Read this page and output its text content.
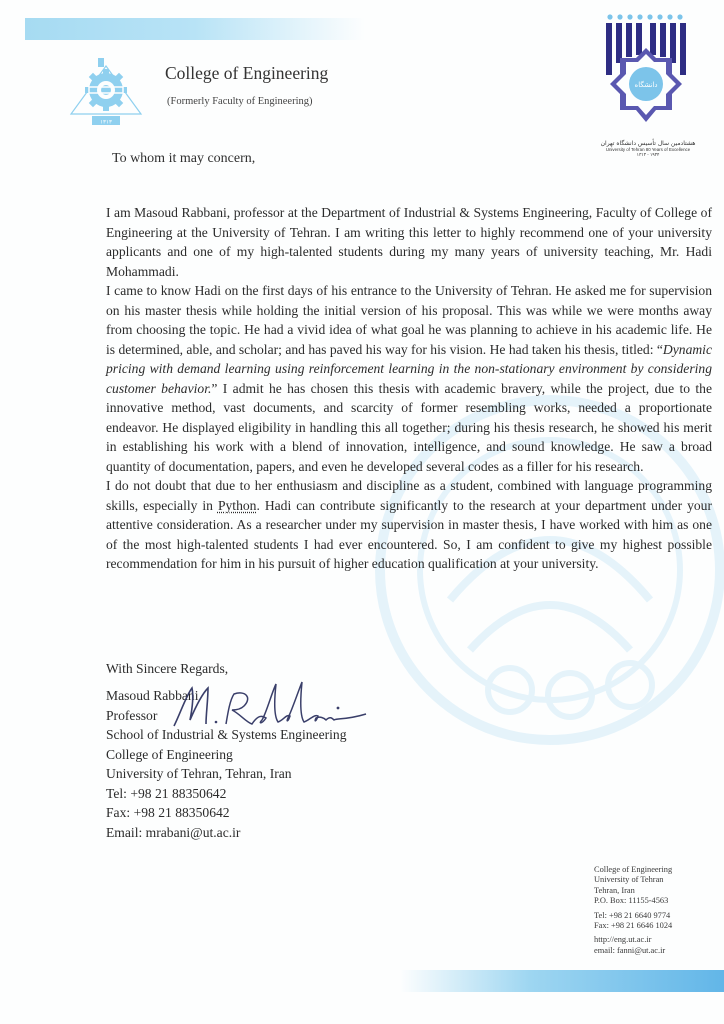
۱۳۱۳
College of Engineering
(Formerly Faculty of Engineering)
دانشگاه
هشتادمین سال تأسیس دانشگاه تهران
University of Tehran 80 Years of Excellence
۱۳۱۳ - ۱۹۳۴
To whom it may concern,

I am Masoud Rabbani, professor at the Department of Industrial & Systems Engineering, Faculty of College of Engineering at the University of Tehran. I am writing this letter to highly recommend one of your university applicants and one of my high-talented students during my many years of university teaching, Mr. Hadi Mohammadi.

I came to know Hadi on the first days of his entrance to the University of Tehran. He asked me for supervision on his master thesis while holding the initial version of his proposal. This was while we were months away from choosing the topic. He had a vivid idea of what goal he was planning to achieve in his academic life. He is determined, able, and scholar; and has paved his way for his vision. He had taken his thesis, titled: “Dynamic pricing with demand learning using reinforcement learning in the non-stationary environment by considering customer behavior.” I admit he has chosen this thesis with academic bravery, while the project, due to the innovative method, vast documents, and scarcity of former resembling works, needed a proportionate endeavor. He displayed eligibility in handling this all together; during his thesis research, he showed his merit in establishing his work with a blend of innovation, intelligence, and sound knowledge. He saw a broad quantity of documentation, papers, and even he developed several codes as a filler for his research.

I do not doubt that due to her enthusiasm and discipline as a student, combined with language programming skills, especially in Python. Hadi can contribute significantly to the research at your department under your attentive consideration. As a researcher under my supervision in master thesis, I have worked with him as one of the most high-talented students I had ever encountered. So, I am confident to give my highest possible recommendation for him in his pursuit of higher education qualification at your university.

With Sincere Regards,
Masoud Rabbani
Professor
School of Industrial & Systems Engineering
College of Engineering
University of Tehran, Tehran, Iran
Tel: +98 21 88350642
Fax: +98 21 88350642
Email: mrabani@ut.ac.ir
College of Engineering
University of Tehran
Tehran, Iran
P.O. Box: 11155-4563
Tel: +98 21 6640 9774
Fax: +98 21 6646 1024
http://eng.ut.ac.ir
email: fanni@ut.ac.ir
